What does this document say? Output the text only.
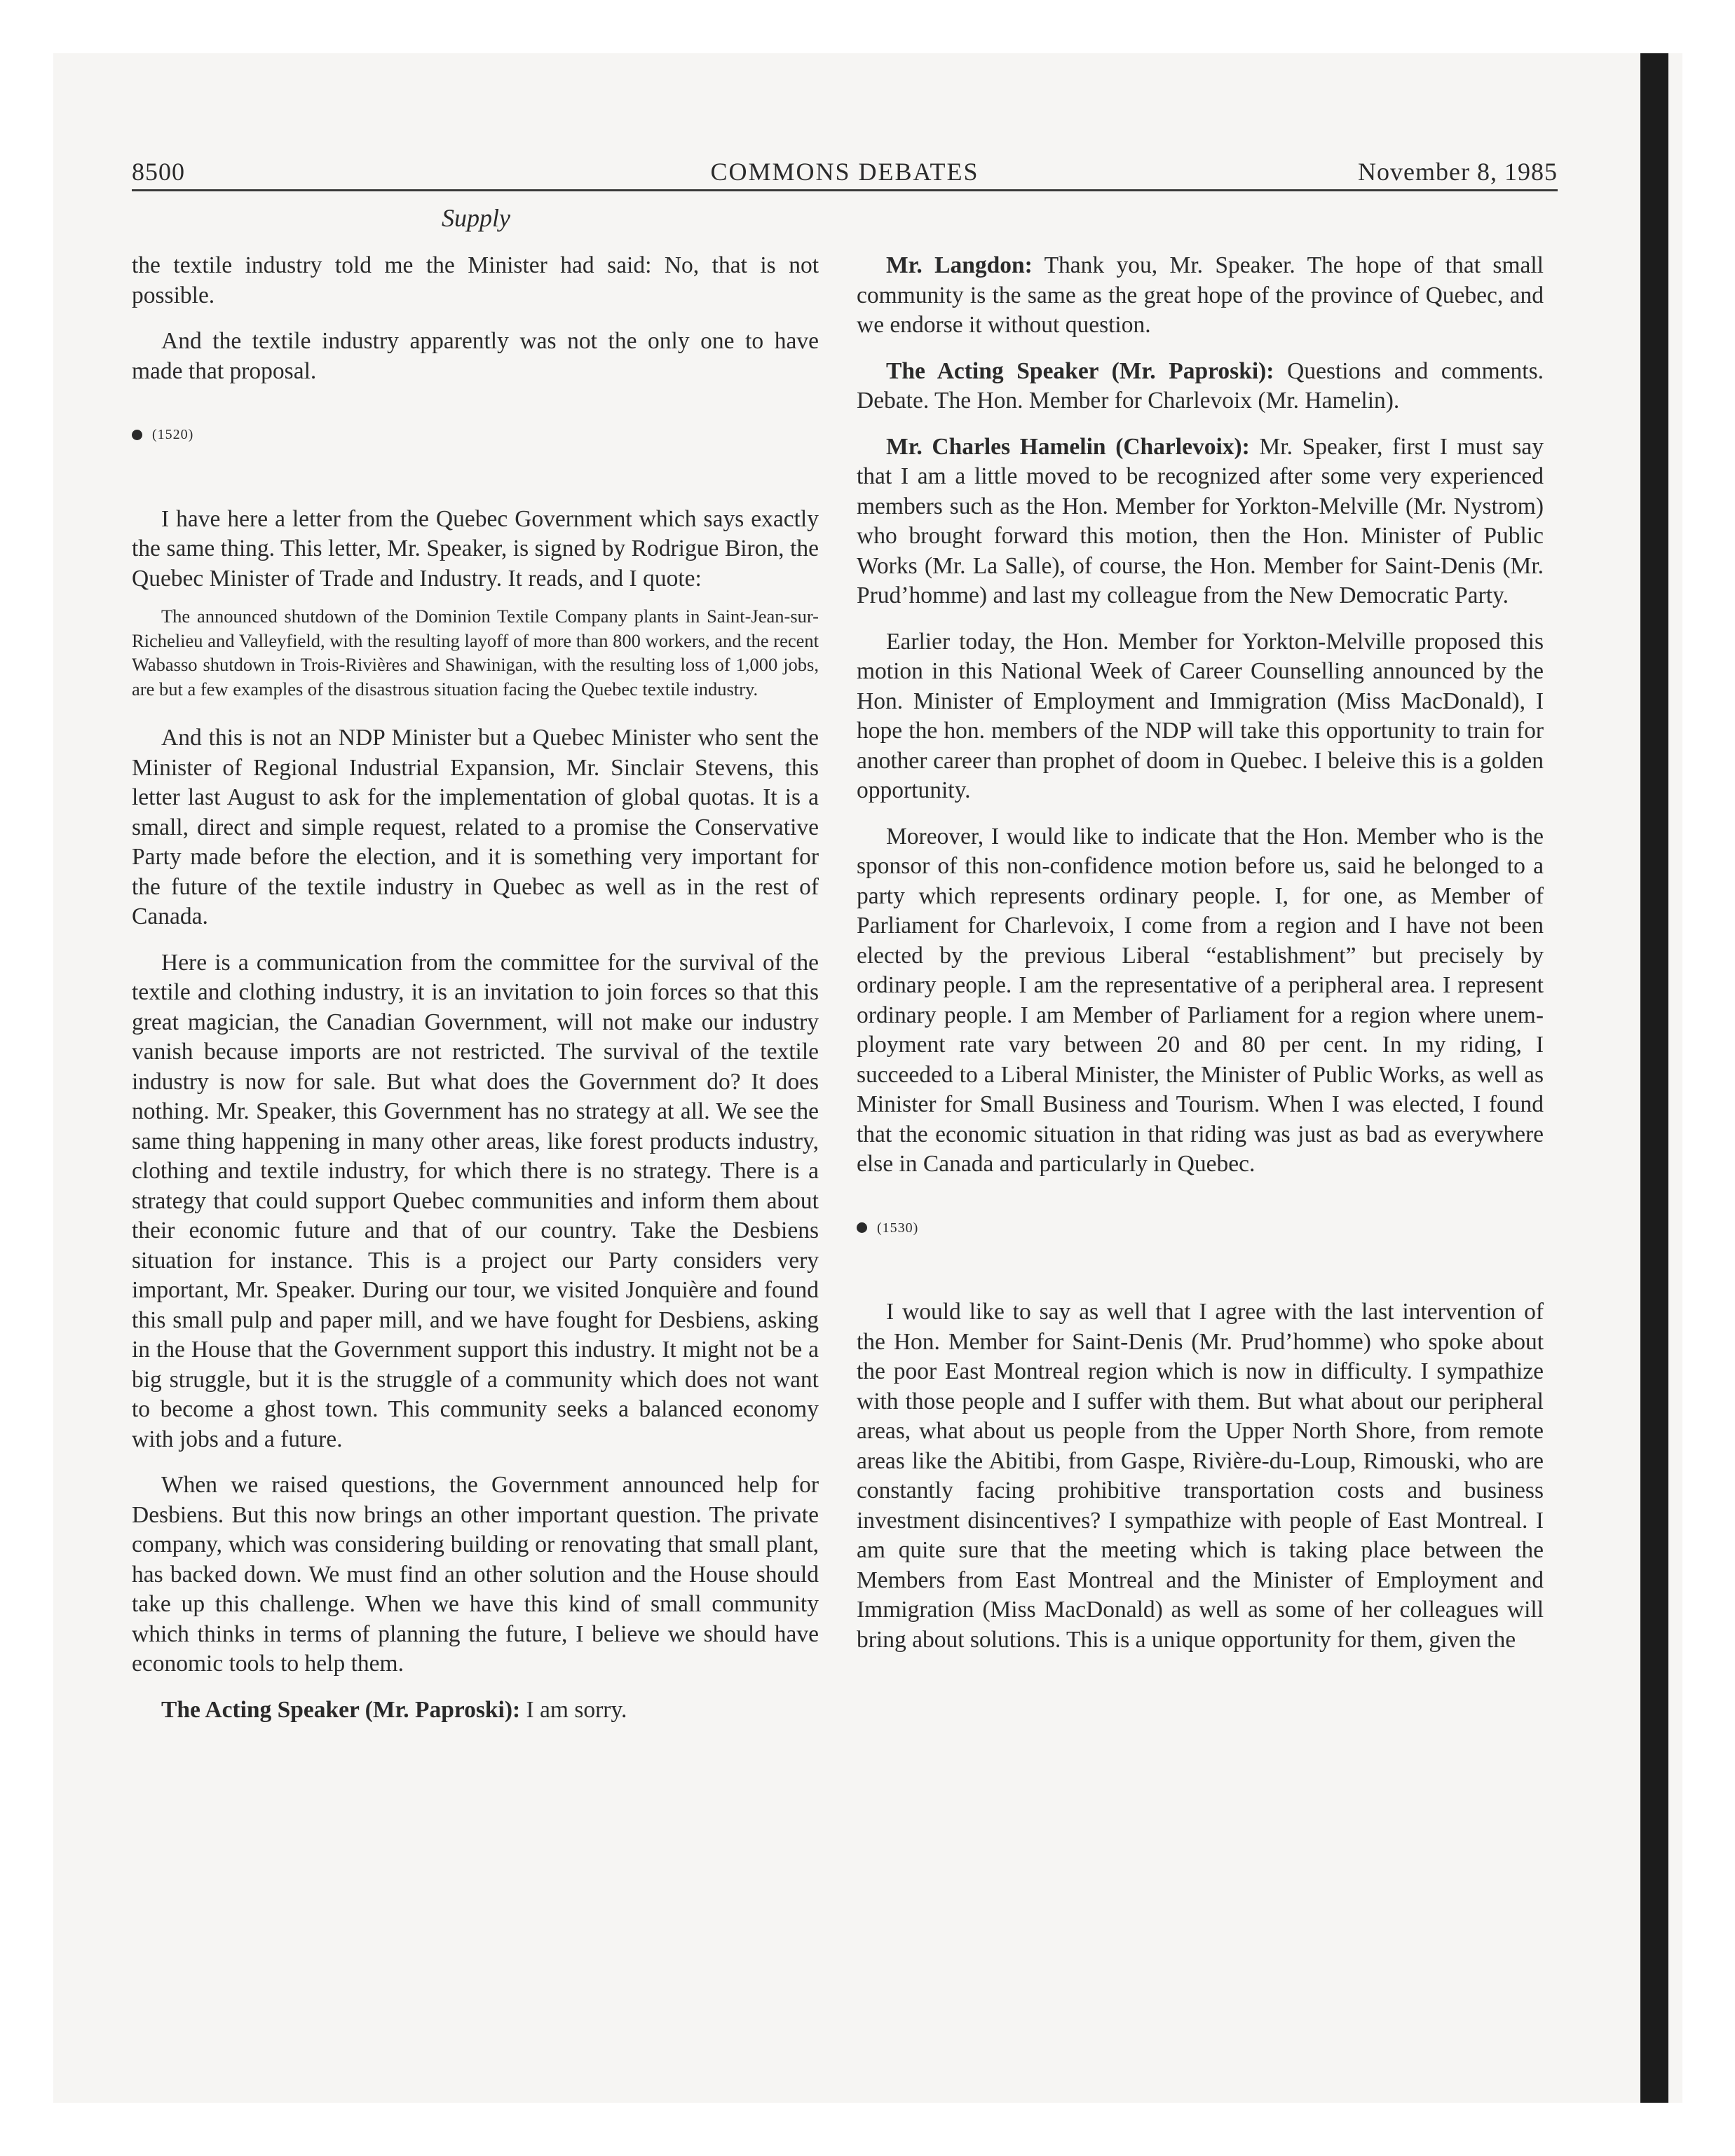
8500	COMMONS DEBATES	November 8, 1985
Supply

the textile industry told me the Minister had said: No, that is not possible.

And the textile industry apparently was not the only one to have made that proposal.

(1520)

I have here a letter from the Quebec Government which says exactly the same thing. This letter, Mr. Speaker, is signed by Rodrigue Biron, the Quebec Minister of Trade and Industry. It reads, and I quote:

The announced shutdown of the Dominion Textile Company plants in Saint-Jean-sur-Richelieu and Valleyfield, with the resulting layoff of more than 800 workers, and the recent Wabasso shutdown in Trois-Rivières and Shawinigan, with the resulting loss of 1,000 jobs, are but a few examples of the disastrous situation facing the Quebec textile industry.

And this is not an NDP Minister but a Quebec Minister who sent the Minister of Regional Industrial Expansion, Mr. Sinclair Stevens, this letter last August to ask for the implementation of global quotas. It is a small, direct and simple request, related to a promise the Conservative Party made before the election, and it is something very important for the future of the textile industry in Quebec as well as in the rest of Canada.

Here is a communication from the committee for the survival of the textile and clothing industry, it is an invitation to join forces so that this great magician, the Canadian Government, will not make our industry vanish because imports are not restricted. The survival of the textile industry is now for sale. But what does the Government do? It does nothing. Mr. Speaker, this Government has no strategy at all. We see the same thing happening in many other areas, like forest products industry, clothing and textile industry, for which there is no strategy. There is a strategy that could support Quebec communities and inform them about their economic future and that of our country. Take the Desbiens situation for instance. This is a project our Party considers very important, Mr. Speaker. During our tour, we visited Jonquière and found this small pulp and paper mill, and we have fought for Desbiens, asking in the House that the Government support this industry. It might not be a big struggle, but it is the struggle of a community which does not want to become a ghost town. This community seeks a balanced economy with jobs and a future.

When we raised questions, the Government announced help for Desbiens. But this now brings an other important question. The private company, which was considering building or renovating that small plant, has backed down. We must find an other solution and the House should take up this challenge. When we have this kind of small community which thinks in terms of planning the future, I believe we should have economic tools to help them.

The Acting Speaker (Mr. Paproski): I am sorry.

Mr. Langdon: Thank you, Mr. Speaker. The hope of that small community is the same as the great hope of the province of Quebec, and we endorse it without question.

The Acting Speaker (Mr. Paproski): Questions and comments. Debate. The Hon. Member for Charlevoix (Mr. Hamelin).

Mr. Charles Hamelin (Charlevoix): Mr. Speaker, first I must say that I am a little moved to be recognized after some very experienced members such as the Hon. Member for Yorkton-Melville (Mr. Nystrom) who brought forward this motion, then the Hon. Minister of Public Works (Mr. La Salle), of course, the Hon. Member for Saint-Denis (Mr. Prud’homme) and last my colleague from the New Democratic Party.

Earlier today, the Hon. Member for Yorkton-Melville proposed this motion in this National Week of Career Counselling announced by the Hon. Minister of Employment and Immigration (Miss MacDonald), I hope the hon. members of the NDP will take this opportunity to train for another career than prophet of doom in Quebec. I beleive this is a golden opportunity.

Moreover, I would like to indicate that the Hon. Member who is the sponsor of this non-confidence motion before us, said he belonged to a party which represents ordinary people. I, for one, as Member of Parliament for Charlevoix, I come from a region and I have not been elected by the previous Liberal “establishment” but precisely by ordinary people. I am the representative of a peripheral area. I represent ordinary people. I am Member of Parliament for a region where unemployment rate vary between 20 and 80 per cent. In my riding, I succeeded to a Liberal Minister, the Minister of Public Works, as well as Minister for Small Business and Tourism. When I was elected, I found that the economic situation in that riding was just as bad as everywhere else in Canada and particularly in Quebec.

(1530)

I would like to say as well that I agree with the last intervention of the Hon. Member for Saint-Denis (Mr. Prud’homme) who spoke about the poor East Montreal region which is now in difficulty. I sympathize with those people and I suffer with them. But what about our peripheral areas, what about us people from the Upper North Shore, from remote areas like the Abitibi, from Gaspe, Rivière-du-Loup, Rimouski, who are constantly facing prohibitive transportation costs and business investment disincentives? I sympathize with people of East Montreal. I am quite sure that the meeting which is taking place between the Members from East Montreal and the Minister of Employment and Immigration (Miss MacDonald) as well as some of her colleagues will bring about solutions. This is a unique opportunity for them, given the
